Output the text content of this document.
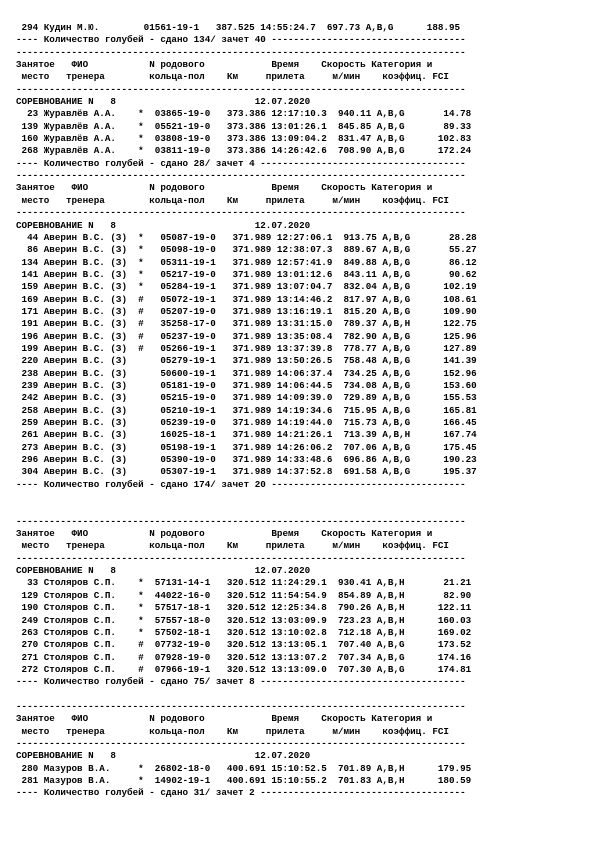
294 Кудин М.Ю.        01561-19-1   387.525 14:55:24.7  697.73 А,В,G      188.95
---- Количество голубей - сдано 134/ зачет 40 -----------------------------------
---------------------------------------------------------------------------------
Занятое   ФИО           N родового            Время    Скорость Категория и
место   тренера        кольца-пол    Км     прилета     м/мин    коэффиц. FCI
---------------------------------------------------------------------------------
СОРЕВНОВАНИЕ N   8                         12.07.2020
23 Журавлёв А.А.    *  03865-19-0   373.386 12:17:10.3  940.11 А,В,G       14.78
139 Журавлёв А.А.    *  05521-19-0   373.386 13:01:26.1  845.85 А,В,G       89.33
160 Журавлёв А.А.    *  03808-19-0   373.386 13:09:04.2  831.47 А,В,G      102.83
268 Журавлёв А.А.    *  03811-19-0   373.386 14:26:42.6  708.90 А,В,G      172.24
---- Количество голубей - сдано 28/ зачет 4 -------------------------------------
---------------------------------------------------------------------------------
Занятое   ФИО           N родового            Время    Скорость Категория и
место   тренера        кольца-пол    Км     прилета     м/мин    коэффиц. FCI
---------------------------------------------------------------------------------
СОРЕВНОВАНИЕ N   8                         12.07.2020
44 Аверин В.С. (З)  *   05087-19-0   371.989 12:27:06.1  913.75 А,В,G       28.28
86 Аверин В.С. (З)  *   05098-19-0   371.989 12:38:07.3  889.67 А,В,G       55.27
134 Аверин В.С. (З)  *   05311-19-1   371.989 12:57:41.9  849.88 А,В,G       86.12
141 Аверин В.С. (З)  *   05217-19-0   371.989 13:01:12.6  843.11 А,В,G       90.62
159 Аверин В.С. (З)  *   05284-19-1   371.989 13:07:04.7  832.04 А,В,G      102.19
169 Аверин В.С. (З)  #   05072-19-1   371.989 13:14:46.2  817.97 А,В,G      108.61
171 Аверин В.С. (З)  #   05207-19-0   371.989 13:16:19.1  815.20 А,В,G      109.90
191 Аверин В.С. (З)  #   35258-17-0   371.989 13:31:15.0  789.37 А,В,Н      122.75
196 Аверин В.С. (З)  #   05237-19-0   371.989 13:35:08.4  782.90 А,В,G      125.96
199 Аверин В.С. (З)  #   05266-19-1   371.989 13:37:39.8  778.77 А,В,G      127.89
220 Аверин В.С. (З)      05279-19-1   371.989 13:50:26.5  758.48 А,В,G      141.39
238 Аверин В.С. (З)      50600-19-1   371.989 14:06:37.4  734.25 А,В,G      152.96
239 Аверин В.С. (З)      05181-19-0   371.989 14:06:44.5  734.08 А,В,G      153.60
242 Аверин В.С. (З)      05215-19-0   371.989 14:09:39.0  729.89 А,В,G      155.53
258 Аверин В.С. (З)      05210-19-1   371.989 14:19:34.6  715.95 А,В,G      165.81
259 Аверин В.С. (З)      05239-19-0   371.989 14:19:44.0  715.73 А,В,G      166.45
261 Аверин В.С. (З)      16025-18-1   371.989 14:21:26.1  713.39 А,В,Н      167.74
273 Аверин В.С. (З)      05198-19-1   371.989 14:26:06.2  707.06 А,В,G      175.45
296 Аверин В.С. (З)      05390-19-0   371.989 14:33:48.6  696.86 А,В,G      190.23
304 Аверин В.С. (З)      05307-19-1   371.989 14:37:52.8  691.58 А,В,G      195.37
---- Количество голубей - сдано 174/ зачет 20 -----------------------------------
---------------------------------------------------------------------------------
Занятое   ФИО           N родового            Время    Скорость Категория и
место   тренера        кольца-пол    Км     прилета     м/мин    коэффиц. FCI
---------------------------------------------------------------------------------
СОРЕВНОВАНИЕ N   8                         12.07.2020
33 Столяров С.П.    *  57131-14-1   320.512 11:24:29.1  930.41 А,В,Н       21.21
129 Столяров С.П.    *  44022-16-0   320.512 11:54:54.9  854.89 А,В,Н       82.90
190 Столяров С.П.    *  57517-18-1   320.512 12:25:34.8  790.26 А,В,Н      122.11
249 Столяров С.П.    *  57557-18-0   320.512 13:03:09.9  723.23 А,В,Н      160.03
263 Столяров С.П.    *  57502-18-1   320.512 13:10:02.8  712.18 А,В,Н      169.02
270 Столяров С.П.    #  07732-19-0   320.512 13:13:05.1  707.40 А,В,G      173.52
271 Столяров С.П.    #  07928-19-0   320.512 13:13:07.2  707.34 А,В,G      174.16
272 Столяров С.П.    #  07966-19-1   320.512 13:13:09.0  707.30 А,В,G      174.81
---- Количество голубей - сдано 75/ зачет 8 -------------------------------------
---------------------------------------------------------------------------------
Занятое   ФИО           N родового            Время    Скорость Категория и
место   тренера        кольца-пол    Км     прилета     м/мин    коэффиц. FCI
---------------------------------------------------------------------------------
СОРЕВНОВАНИЕ N   8                         12.07.2020
280 Мазуров В.А.     *  26802-18-0   400.691 15:10:52.5  701.89 А,В,Н      179.95
281 Мазуров В.А.     *  14902-19-1   400.691 15:10:55.2  701.83 А,В,Н      180.59
---- Количество голубей - сдано 31/ зачет 2 -------------------------------------
